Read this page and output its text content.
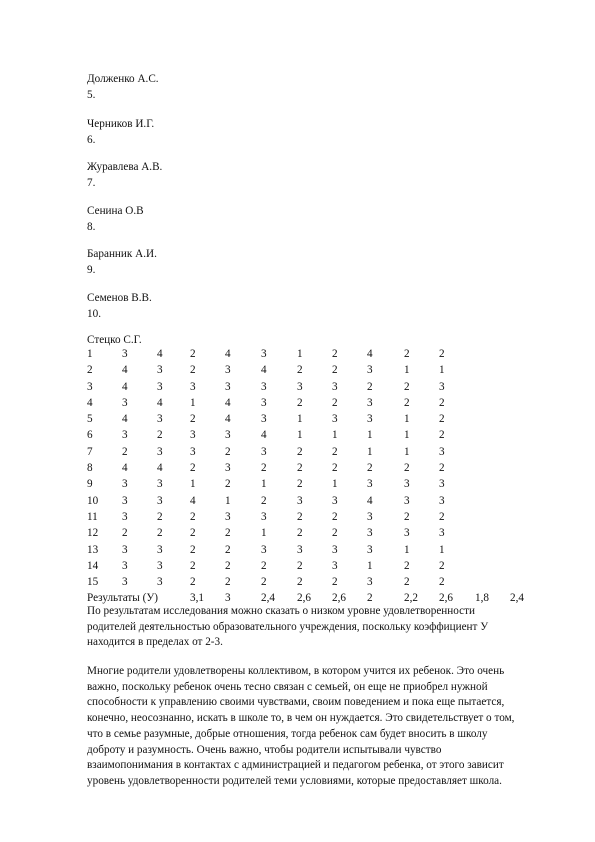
Долженко А.С.
5.
Черников И.Г.
6.
Журавлева А.В.
7.
Сенина О.В
8.
Баранник А.И.
9.
Семенов В.В.
10.
Стецко С.Г.
1	3	4 2	4	3	1	2	4	2	2
2	4	3 2	3	4	2	2	3	1	1
3	4	3 3	3	3	3	3	2	2	3
4	3	4 1	4	3	2	2	3	2	2
5	4	3 2	4	3	1	3	3	1	2
6	3	2 3	3	4	1	1	1	1	2
7	2	3 3	2	3	2	2	1	1	3
8	4	4 2	3	2	2	2	2	2	2
9	3	3 1	2	1	2	1	3	3	3
10 3	3 4	1	2	3	3	4	3	3
11 3	2 2	3	3	2	2	3	2	2
12 2	2 2	2	1	2	2	3	3	3
13 3	3 2	2	3	3	3	3	1	1
14 3	3 2	2	2	2	3	1	2	2
15 3	3 2	2	2	2	2	3	2	2
Результаты (У)	3,1 3	2,4 2,6 2,6 2	2,2 2,6 1,8 2,4
По результатам исследования можно сказать о низком уровне удовлетворенности
родителей деятельностью образовательного учреждения, поскольку коэффициент У
находится в пределах от 2-3.
Многие родители удовлетворены коллективом, в котором учится их ребенок. Это очень
важно, поскольку ребенок очень тесно связан с семьей, он еще не приобрел нужной
способности к управлению своими чувствами, своим поведением и пока еще пытается,
конечно, неосознанно, искать в школе то, в чем он нуждается. Это свидетельствует о том,
что в семье разумные, добрые отношения, тогда ребенок сам будет вносить в школу
доброту и разумность. Очень важно, чтобы родители испытывали чувство
взаимопонимания в контактах с администрацией и педагогом ребенка, от этого зависит
уровень удовлетворенности родителей теми условиями, которые предоставляет школа.
